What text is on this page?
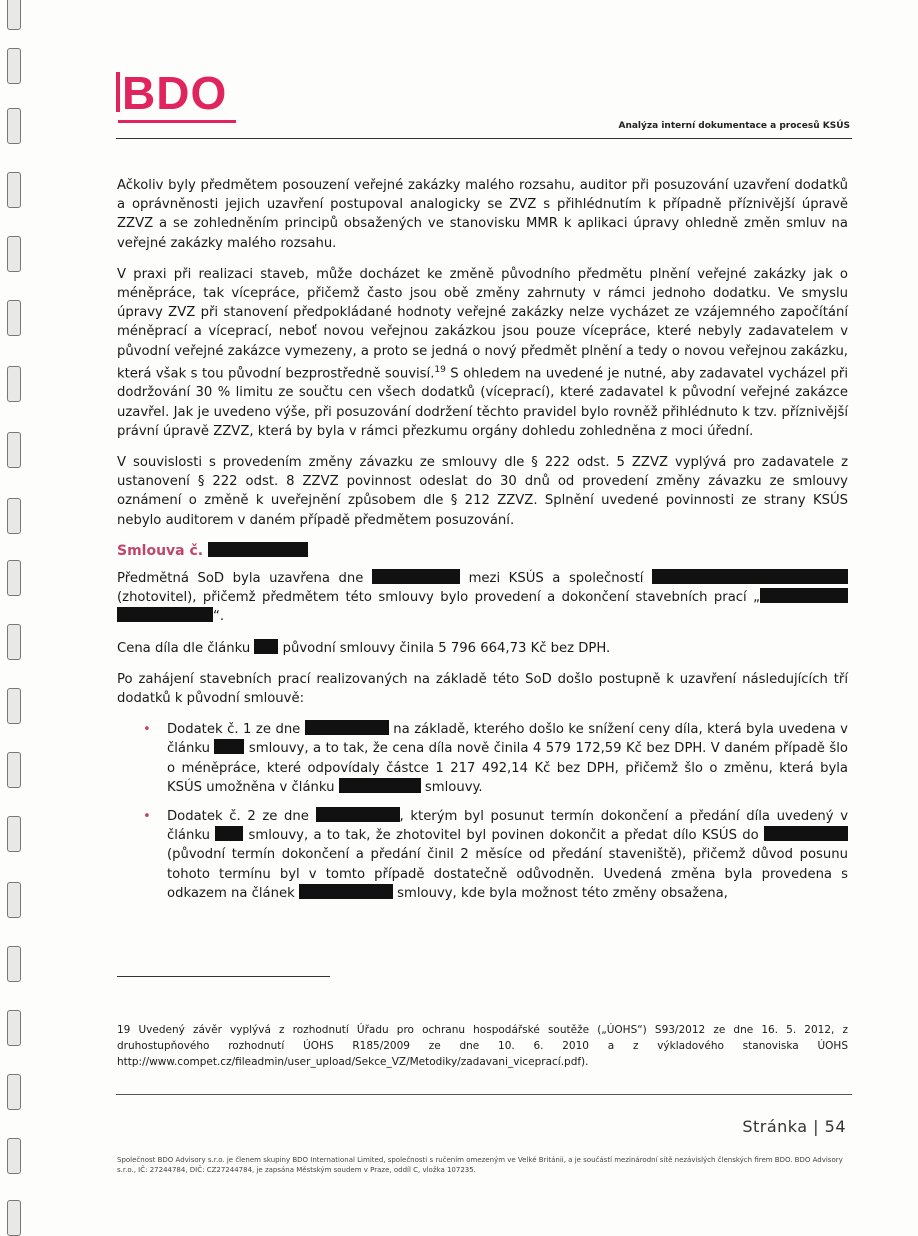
BDO
Analýza interní dokumentace a procesů KSÚS

Ačkoliv byly předmětem posouzení veřejné zakázky malého rozsahu, auditor při posuzování uzavření dodatků a oprávněnosti jejich uzavření postupoval analogicky se ZVZ s přihlédnutím k případně příznivější úpravě ZZVZ a se zohledněním principů obsažených ve stanovisku MMR k aplikaci úpravy ohledně změn smluv na veřejné zakázky malého rozsahu.

V praxi při realizaci staveb, může docházet ke změně původního předmětu plnění veřejné zakázky jak o méněpráce, tak vícepráce, přičemž často jsou obě změny zahrnuty v rámci jednoho dodatku. Ve smyslu úpravy ZVZ při stanovení předpokládané hodnoty veřejné zakázky nelze vycházet ze vzájemného započítání méněprací a víceprací, neboť novou veřejnou zakázkou jsou pouze vícepráce, které nebyly zadavatelem v původní veřejné zakázce vymezeny, a proto se jedná o nový předmět plnění a tedy o novou veřejnou zakázku, která však s tou původní bezprostředně souvisí.$^{19}$ S ohledem na uvedené je nutné, aby zadavatel vycházel při dodržování 30 % limitu ze součtu cen všech dodatků (víceprací), které zadavatel k původní veřejné zakázce uzavřel. Jak je uvedeno výše, při posuzování dodržení těchto pravidel bylo rovněž přihlédnuto k tzv. příznivější právní úpravě ZZVZ, která by byla v rámci přezkumu orgány dohledu zohledněna z moci úřední.

V souvislosti s provedením změny závazku ze smlouvy dle § 222 odst. 5 ZZVZ vyplývá pro zadavatele z ustanovení § 222 odst. 8 ZZVZ povinnost odeslat do 30 dnů od provedení změny závazku ze smlouvy oznámení o změně k uveřejnění způsobem dle § 212 ZZVZ. Splnění uvedené povinnosti ze strany KSÚS nebylo auditorem v daném případě předmětem posuzování.

Smlouva č.

Předmětná SoD byla uzavřena dne	mezi KSÚS a společností  (zhotovitel), přičemž předmětem této smlouvy bylo provedení a dokončení stavebních prací „ “.

Cena díla dle článku původní smlouvy činila 5 796 664,73 Kč bez DPH.

Po zahájení stavebních prací realizovaných na základě této SoD došlo postupně k uzavření následujících tří dodatků k původní smlouvě:

• Dodatek č. 1 ze dne	na základě, kterého došlo ke snížení ceny díla, která byla uvedena v článku	smlouvy, a to tak, že cena díla nově činila 4 579 172,59 Kč bez DPH. V daném případě šlo o méněpráce, které odpovídaly částce 1 217 492,14 Kč bez DPH, přičemž šlo o změnu, která byla KSÚS umožněna v článku	smlouvy.
• Dodatek č. 2 ze dne	, kterým byl posunut termín dokončení a předání díla uvedený v článku	smlouvy, a to tak, že zhotovitel byl povinen dokončit a předat dílo KSÚS do  (původní termín dokončení a předání činil 2 měsíce od předání staveniště), přičemž důvod posunu tohoto termínu byl v tomto případě dostatečně odůvodněn. Uvedená změna byla provedena s odkazem na článek	smlouvy, kde byla možnost této změny obsažena,
19 Uvedený závěr vyplývá z rozhodnutí Úřadu pro ochranu hospodářské soutěže („ÚOHS“) S93/2012 ze dne 16. 5. 2012, z druhostupňového rozhodnutí ÚOHS R185/2009 ze dne 10. 6. 2010 a z výkladového stanoviska ÚOHS http://www.compet.cz/fileadmin/user_upload/Sekce_VZ/Metodiky/zadavani_viceprací.pdf).
Stránka | 54
Společnost BDO Advisory s.r.o. je členem skupiny BDO International Limited, společnosti s ručením omezeným ve Velké Británii, a je součástí mezinárodní sítě nezávislých členských firem BDO. BDO Advisory s.r.o., IČ: 27244784, DIČ: CZ27244784, je zapsána Městským soudem v Praze, oddíl C, vložka 107235.
